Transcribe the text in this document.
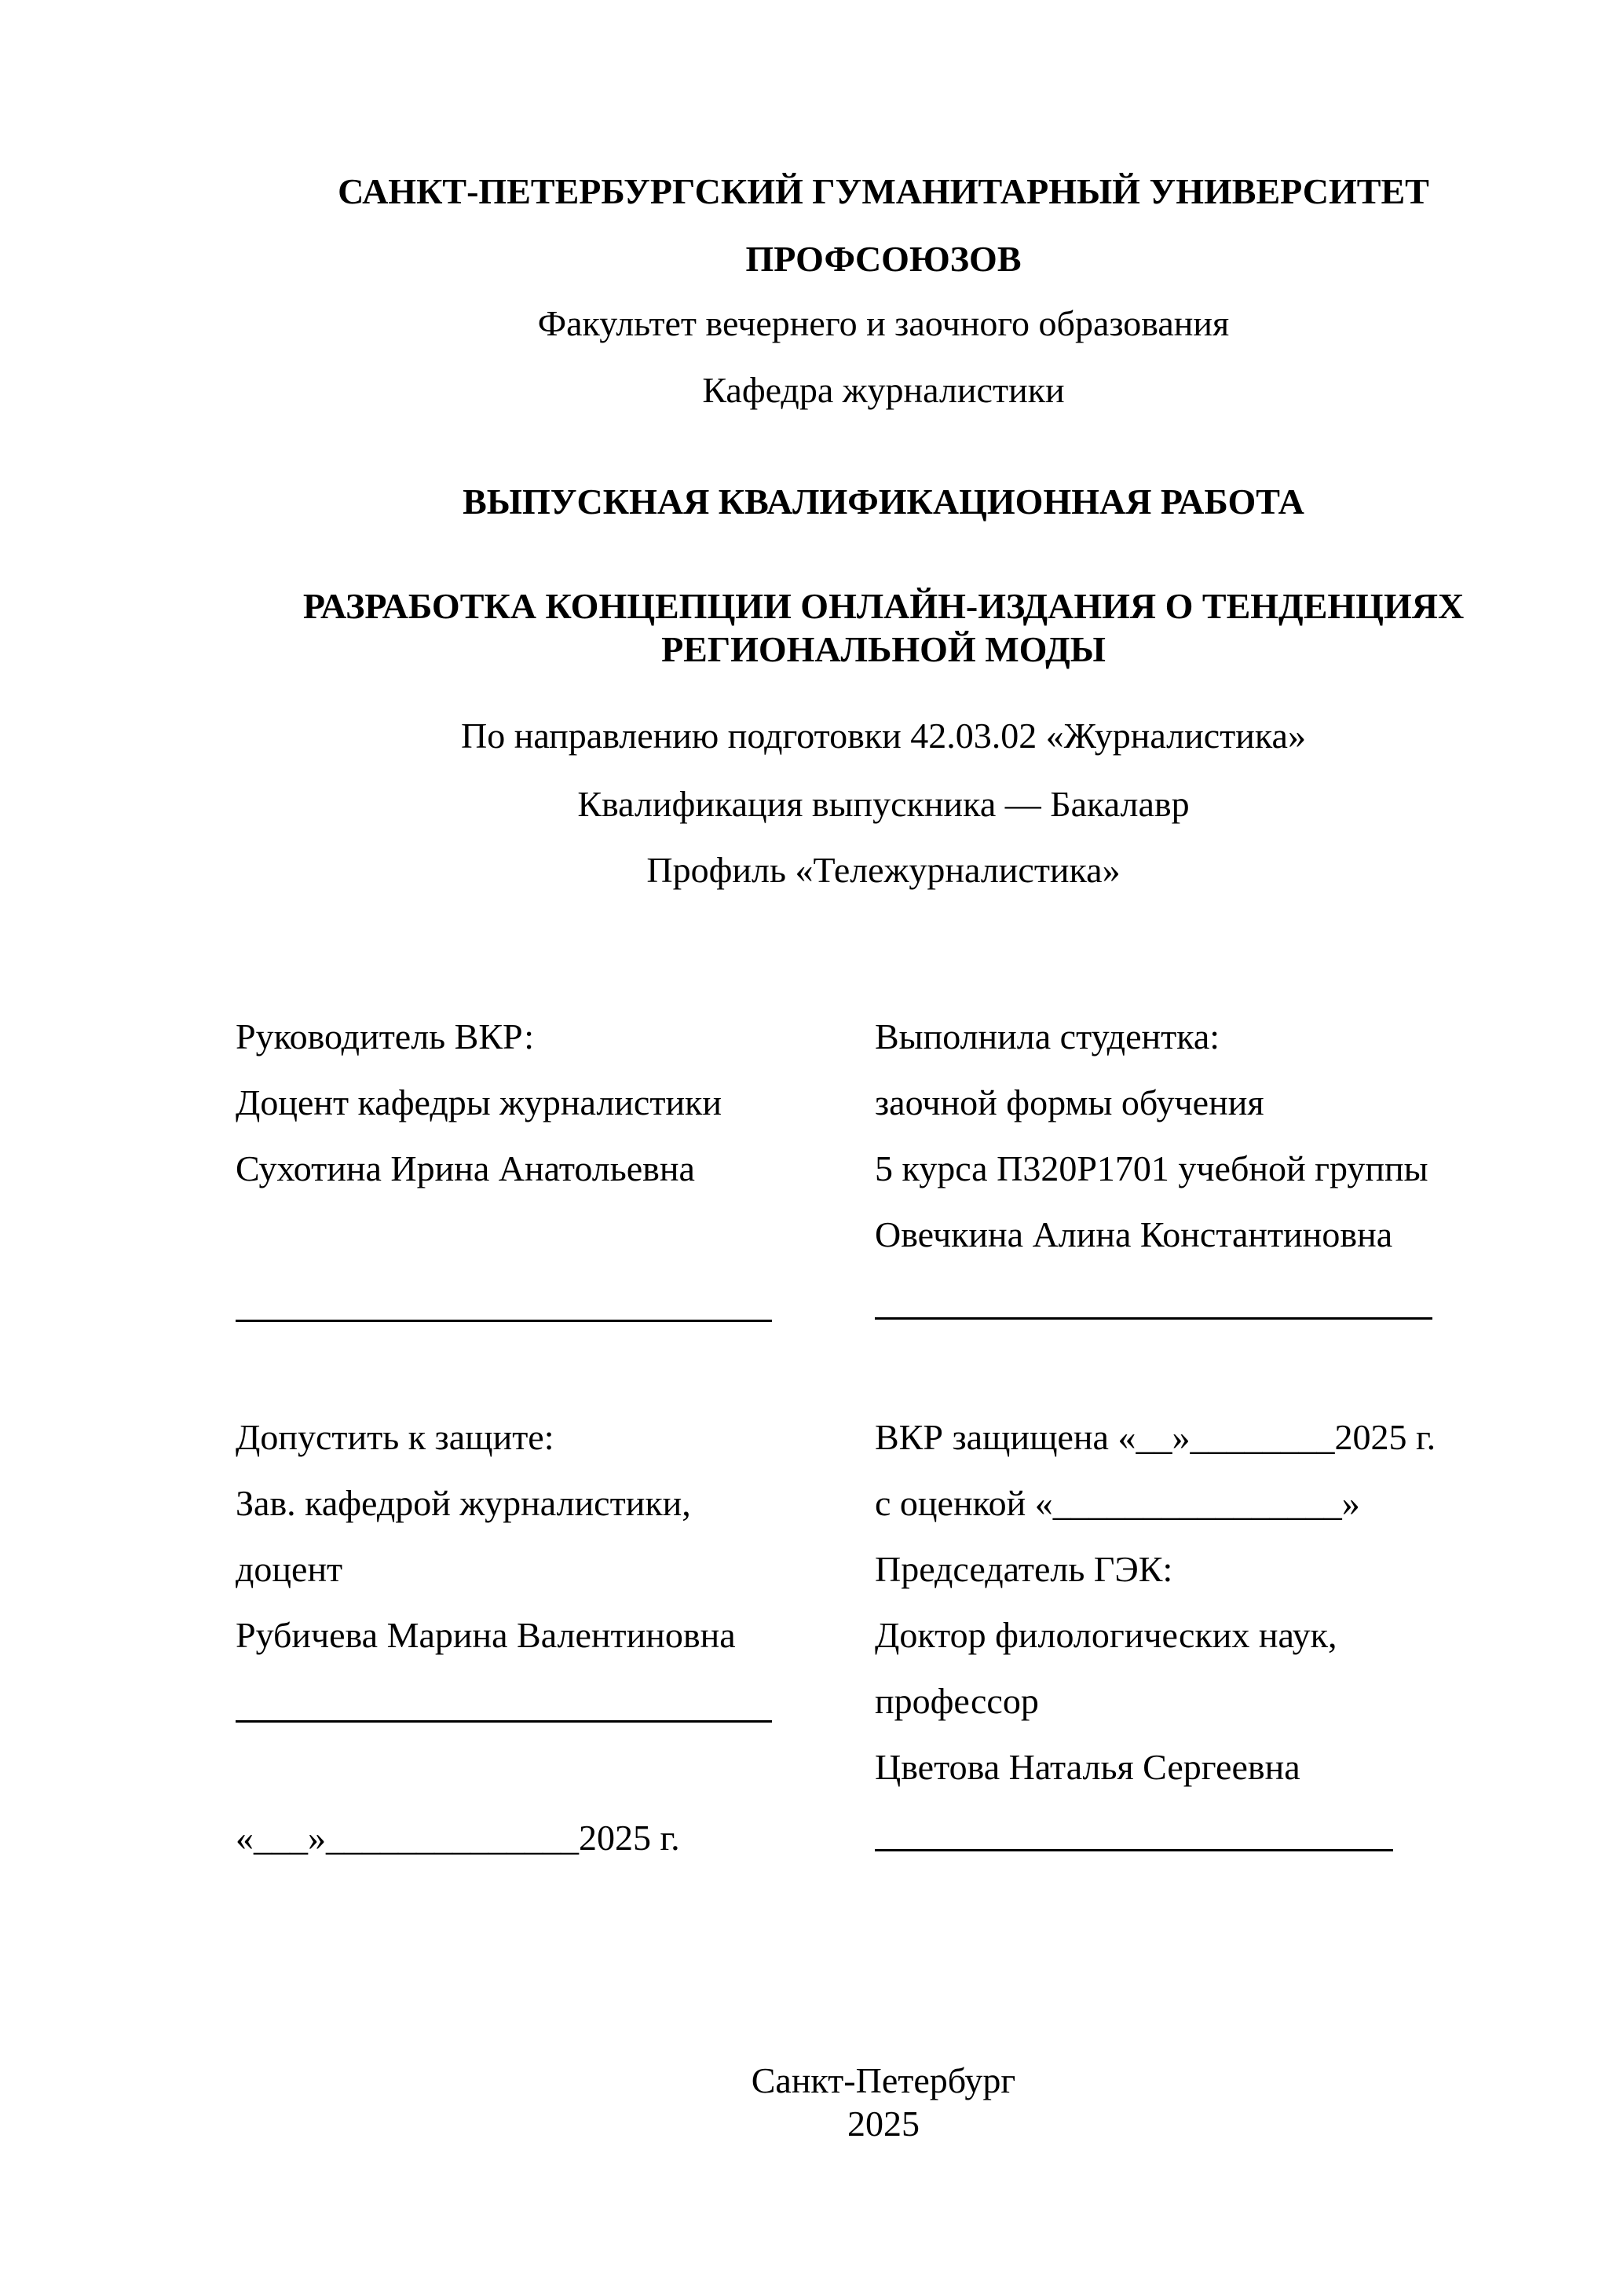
САНКТ-ПЕТЕРБУРГСКИЙ ГУМАНИТАРНЫЙ УНИВЕРСИТЕТ
ПРОФСОЮЗОВ
Факультет вечернего и заочного образования
Кафедра журналистики
ВЫПУСКНАЯ КВАЛИФИКАЦИОННАЯ РАБОТА
РАЗРАБОТКА КОНЦЕПЦИИ ОНЛАЙН-ИЗДАНИЯ О ТЕНДЕНЦИЯХ
РЕГИОНАЛЬНОЙ МОДЫ
По направлению подготовки 42.03.02 «Журналистика»
Квалификация выпускника — Бакалавр
Профиль «Тележурналистика»
Руководитель ВКР:
Доцент кафедры журналистики
Сухотина Ирина Анатольевна
Выполнила студентка:
заочной формы обучения
5 курса П320Р1701 учебной группы
Овечкина Алина Константиновна
Допустить к защите:
Зав. кафедрой журналистики,
доцент
Рубичева Марина Валентиновна
«___»______________2025 г.
ВКР защищена «__»________2025 г.
с оценкой «________________»
Председатель ГЭК:
Доктор филологических наук,
профессор
Цветова Наталья Сергеевна
Санкт-Петербург
2025
